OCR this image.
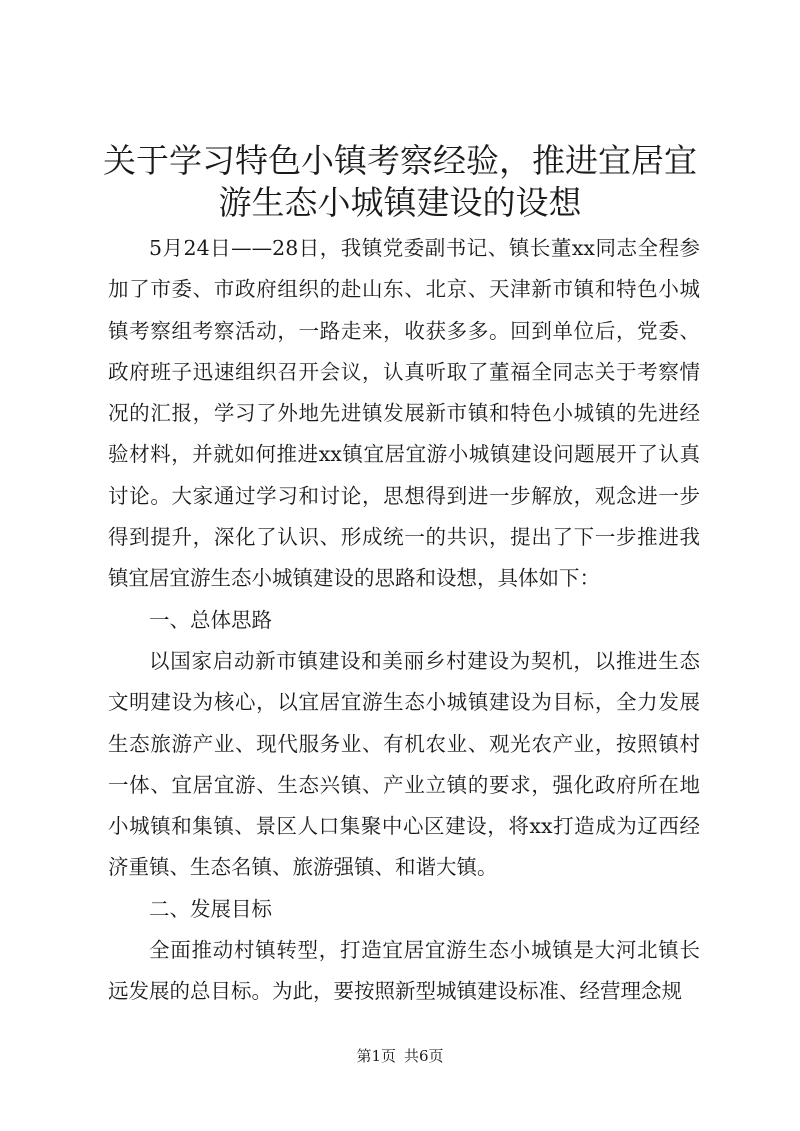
关于学习特色小镇考察经验，推进宜居宜游生态小城镇建设的设想

5月24日——28日，我镇党委副书记、镇长董xx同志全程参加了市委、市政府组织的赴山东、北京、天津新市镇和特色小城镇考察组考察活动，一路走来，收获多多。回到单位后，党委、政府班子迅速组织召开会议，认真听取了董福全同志关于考察情况的汇报，学习了外地先进镇发展新市镇和特色小城镇的先进经验材料，并就如何推进xx镇宜居宜游小城镇建设问题展开了认真讨论。大家通过学习和讨论，思想得到进一步解放，观念进一步得到提升，深化了认识、形成统一的共识，提出了下一步推进我镇宜居宜游生态小城镇建设的思路和设想，具体如下：

一、总体思路

以国家启动新市镇建设和美丽乡村建设为契机，以推进生态文明建设为核心，以宜居宜游生态小城镇建设为目标，全力发展生态旅游产业、现代服务业、有机农业、观光农产业，按照镇村一体、宜居宜游、生态兴镇、产业立镇的要求，强化政府所在地小城镇和集镇、景区人口集聚中心区建设，将xx打造成为辽西经济重镇、生态名镇、旅游强镇、和谐大镇。

二、发展目标

全面推动村镇转型，打造宜居宜游生态小城镇是大河北镇长远发展的总目标。为此，要按照新型城镇建设标准、经营理念规

第1页 共6页
